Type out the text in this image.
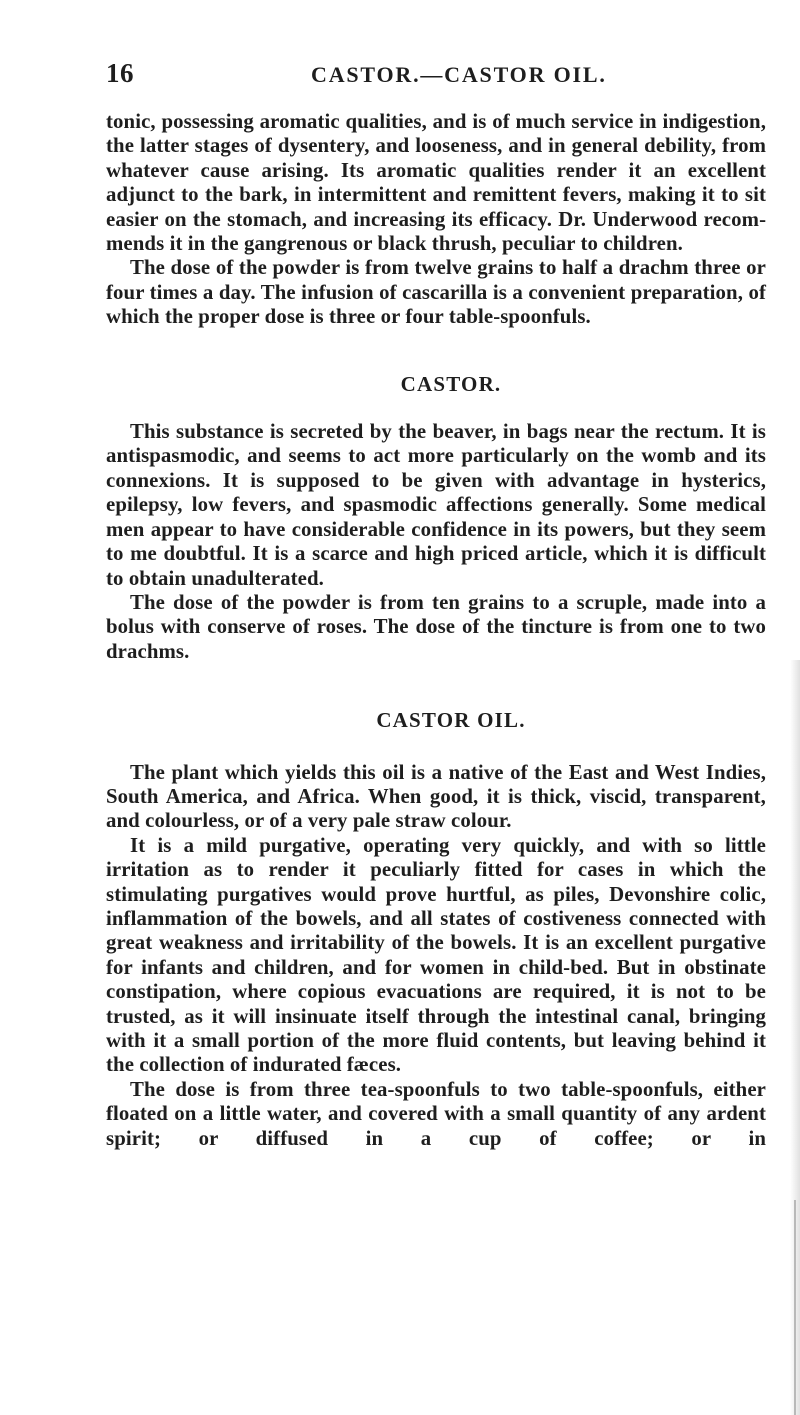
16	CASTOR.—CASTOR OIL.

tonic, possessing aromatic qualities, and is of much service in indigestion, the latter stages of dysentery, and looseness, and in general debility, from whatever cause arising. Its aromatic qualities render it an excellent adjunct to the bark, in intermittent and remittent fevers, making it to sit easier on the stomach, and increasing its efficacy. Dr. Underwood recommends it in the gangrenous or black thrush, peculiar to children.

The dose of the powder is from twelve grains to half a drachm three or four times a day. The infusion of cascarilla is a convenient preparation, of which the proper dose is three or four table-spoonfuls.

CASTOR.

This substance is secreted by the beaver, in bags near the rectum. It is antispasmodic, and seems to act more particularly on the womb and its connexions. It is supposed to be given with advantage in hysterics, epilepsy, low fevers, and spasmodic affections generally. Some medical men appear to have considerable confidence in its powers, but they seem to me doubtful. It is a scarce and high priced article, which it is difficult to obtain unadulterated.

The dose of the powder is from ten grains to a scruple, made into a bolus with conserve of roses. The dose of the tincture is from one to two drachms.

CASTOR OIL.

The plant which yields this oil is a native of the East and West Indies, South America, and Africa. When good, it is thick, viscid, transparent, and colourless, or of a very pale straw colour.

It is a mild purgative, operating very quickly, and with so little irritation as to render it peculiarly fitted for cases in which the stimulating purgatives would prove hurtful, as piles, Devonshire colic, inflammation of the bowels, and all states of costiveness connected with great weakness and irritability of the bowels. It is an excellent purgative for infants and children, and for women in child-bed. But in obstinate constipation, where copious evacuations are required, it is not to be trusted, as it will insinuate itself through the intestinal canal, bringing with it a small portion of the more fluid contents, but leaving behind it the collection of indurated fæces.

The dose is from three tea-spoonfuls to two table-spoonfuls, either floated on a little water, and covered with a small quantity of any ardent spirit; or diffused in a cup of coffee; or in
